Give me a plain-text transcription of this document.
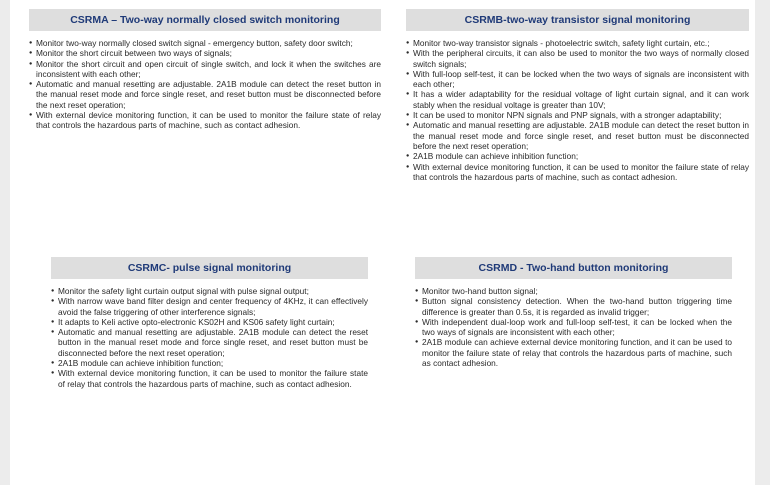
CSRMA – Two-way normally closed switch monitoring
● Monitor two-way normally closed switch signal - emergency button, safety door switch;
● Monitor the short circuit between two ways of signals;
● Monitor the short circuit and open circuit of single switch, and lock it when the switches are inconsistent with each other;
● Automatic and manual resetting are adjustable. 2A1B module can detect the reset button in the manual reset mode and force single reset, and reset button must be disconnected before the next reset operation;
● With external device monitoring function, it can be used to monitor the failure state of relay that controls the hazardous parts of machine, such as contact adhesion.
CSRMB-two-way transistor signal monitoring
● Monitor two-way transistor signals - photoelectric switch, safety light curtain, etc.;
● With the peripheral circuits, it can also be used to monitor the two ways of normally closed switch signals;
● With full-loop self-test, it can be locked when the two ways of signals are inconsistent with each other;
● It has a wider adaptability for the residual voltage of light curtain signal, and it can work stably when the residual voltage is greater than 10V;
● It can be used to monitor NPN signals and PNP signals, with a stronger adaptability;
● Automatic and manual resetting are adjustable. 2A1B module can detect the reset button in the manual reset mode and force single reset, and reset button must be disconnected before the next reset operation;
● 2A1B module can achieve inhibition function;
● With external device monitoring function, it can be used to monitor the failure state of relay that controls the hazardous parts of machine, such as contact adhesion.
CSRMC- pulse signal monitoring
● Monitor the safety light curtain output signal with pulse signal output;
● With narrow wave band filter design and center frequency of 4KHz, it can effectively avoid the false triggering of other interference signals;
● It adapts to Keli active opto-electronic KS02H and KS06 safety light curtain;
● Automatic and manual resetting are adjustable. 2A1B module can detect the reset button in the manual reset mode and force single reset, and reset button must be disconnected before the next reset operation;
● 2A1B module can achieve inhibition function;
● With external device monitoring function, it can be used to monitor the failure state of relay that controls the hazardous parts of machine, such as contact adhesion.
CSRMD - Two-hand button monitoring
● Monitor two-hand button signal;
● Button signal consistency detection. When the two-hand button triggering time difference is greater than 0.5s, it is regarded as invalid trigger;
● With independent dual-loop work and full-loop self-test, it can be locked when the two ways of signals are inconsistent with each other;
● 2A1B module can achieve external device monitoring function, and it can be used to monitor the failure state of relay that controls the hazardous parts of machine, such as contact adhesion.
